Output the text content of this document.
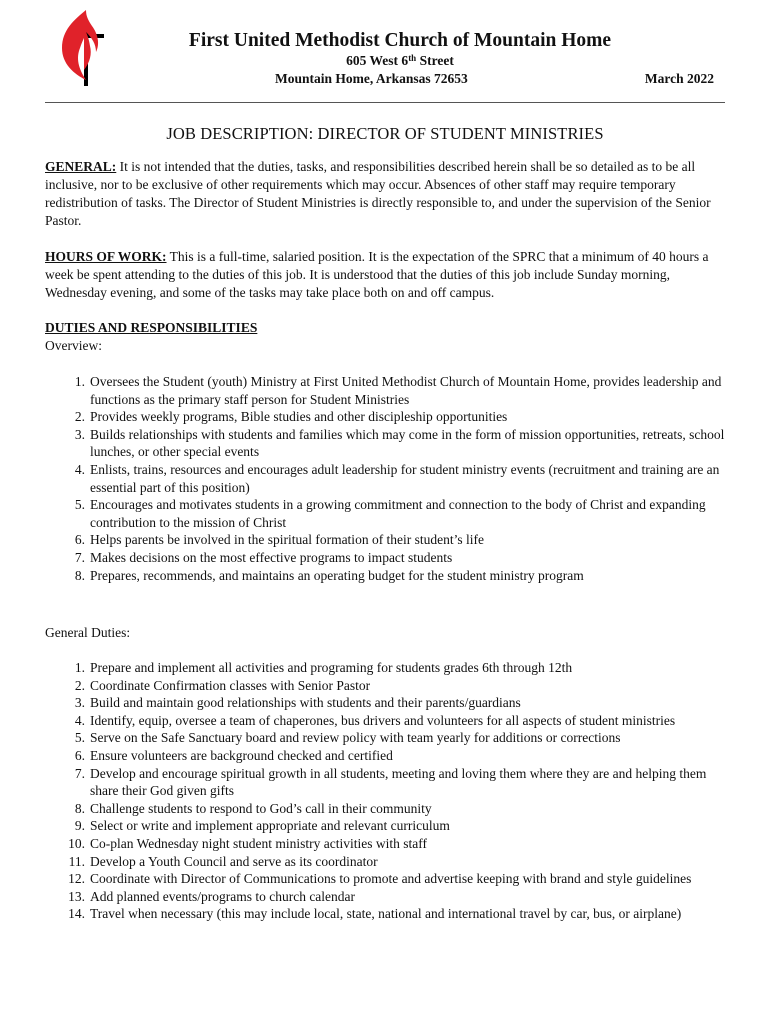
First United Methodist Church of Mountain Home
605 West 6th Street
Mountain Home, Arkansas 72653	March 2022
JOB DESCRIPTION: DIRECTOR OF STUDENT MINISTRIES
GENERAL: It is not intended that the duties, tasks, and responsibilities described herein shall be so detailed as to be all inclusive, nor to be exclusive of other requirements which may occur. Absences of other staff may require temporary redistribution of tasks. The Director of Student Ministries is directly responsible to, and under the supervision of the Senior Pastor.
HOURS OF WORK: This is a full-time, salaried position. It is the expectation of the SPRC that a minimum of 40 hours a week be spent attending to the duties of this job. It is understood that the duties of this job include Sunday morning, Wednesday evening, and some of the tasks may take place both on and off campus.
DUTIES AND RESPONSIBILITIES
Overview:
1. Oversees the Student (youth) Ministry at First United Methodist Church of Mountain Home, provides leadership and functions as the primary staff person for Student Ministries
2. Provides weekly programs, Bible studies and other discipleship opportunities
3. Builds relationships with students and families which may come in the form of mission opportunities, retreats, school lunches, or other special events
4. Enlists, trains, resources and encourages adult leadership for student ministry events (recruitment and training are an essential part of this position)
5. Encourages and motivates students in a growing commitment and connection to the body of Christ and expanding contribution to the mission of Christ
6. Helps parents be involved in the spiritual formation of their student’s life
7. Makes decisions on the most effective programs to impact students
8. Prepares, recommends, and maintains an operating budget for the student ministry program
General Duties:
1. Prepare and implement all activities and programing for students grades 6th through 12th
2. Coordinate Confirmation classes with Senior Pastor
3. Build and maintain good relationships with students and their parents/guardians
4. Identify, equip, oversee a team of chaperones, bus drivers and volunteers for all aspects of student ministries
5. Serve on the Safe Sanctuary board and review policy with team yearly for additions or corrections
6. Ensure volunteers are background checked and certified
7. Develop and encourage spiritual growth in all students, meeting and loving them where they are and helping them share their God given gifts
8. Challenge students to respond to God’s call in their community
9. Select or write and implement appropriate and relevant curriculum
10. Co-plan Wednesday night student ministry activities with staff
11. Develop a Youth Council and serve as its coordinator
12. Coordinate with Director of Communications to promote and advertise keeping with brand and style guidelines
13. Add planned events/programs to church calendar
14. Travel when necessary (this may include local, state, national and international travel by car, bus, or airplane)
